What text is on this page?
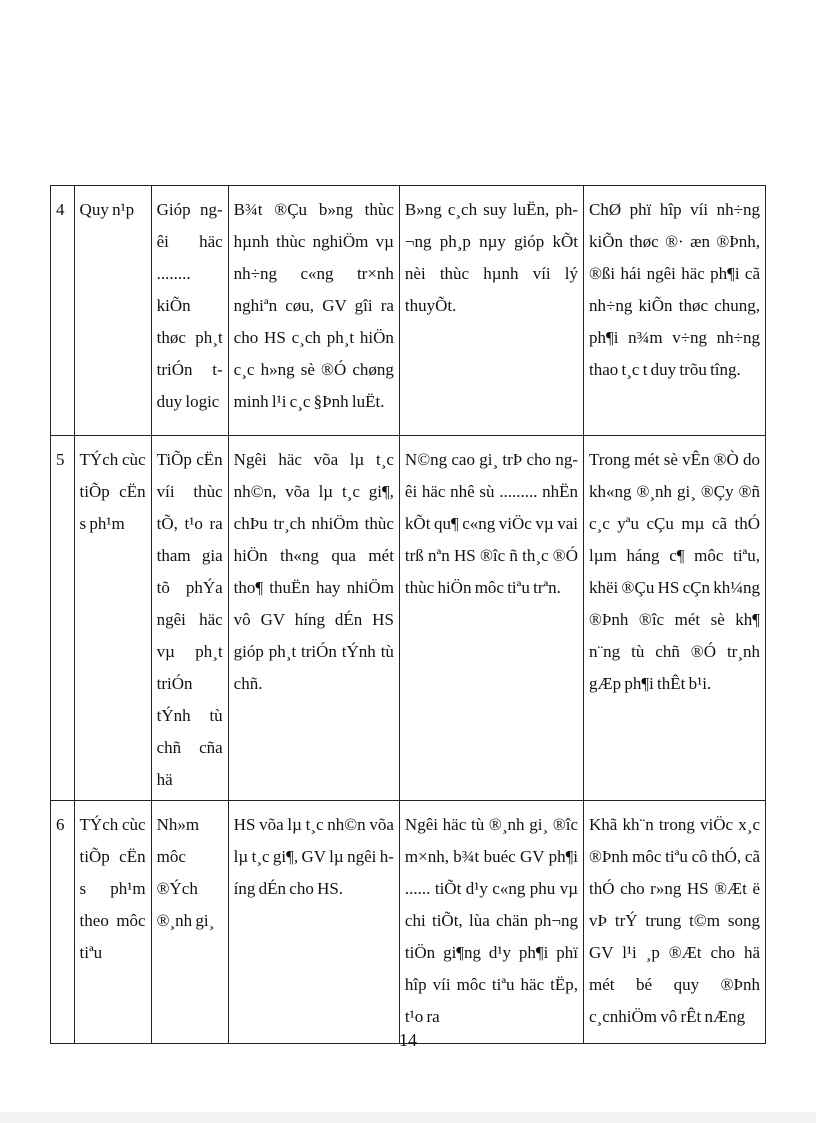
4	Quy n¹p	Gióp ngêi häc ........ kiÕn thøc ph¸t triÓn t duy logic	B¾t ®Çu b»ng thùc hµnh thùc nghiÖm vµ nh÷ng c«ng tr×nh nghiªn cøu, GV gîi ra cho HS c¸ch ph¸t hiÖn c¸c h»ng sè ®Ó chøng minh l¹i c¸c §Þnh luËt.	B»ng c¸ch suy luËn, ph¬ng ph¸p nµy gióp kÕt nèi thùc hµnh víi lý thuyÕt.	ChØ phï hîp víi nh÷ng kiÕn thøc ®· æn ®Þnh, ®ßi hái ngêi häc ph¶i cã nh÷ng kiÕn thøc chung, ph¶i n¾m v÷ng nh÷ng thao t¸c t duy trõu tîng.
5	TÝch cùc tiÕp cËn s ph¹m	TiÕp cËn víi thùc tÕ, t¹o ra tham gia tõ phÝa ngêi häc vµ ph¸t triÓn tÝnh tù chñ cña hä	Ngêi häc võa lµ t¸c nh©n, võa lµ t¸c gi¶, chÞu tr¸ch nhiÖm thùc hiÖn th«ng qua mét tho¶ thuËn hay nhiÖm vô GV híng dÉn HS gióp ph¸t triÓn tÝnh tù chñ.	N©ng cao gi¸ trÞ cho ngêi häc nhê sù ......... nhËn kÕt qu¶ c«ng viÖc vµ vai trß nªn HS ®îc ñ th¸c ®Ó thùc hiÖn môc tiªu trªn.	Trong mét sè vÊn ®Ò do kh«ng ®¸nh gi¸ ®Çy ®ñ c¸c yªu cÇu mµ cã thÓ lµm háng c¶ môc tiªu, khëi ®Çu HS cÇn kh¼ng ®Þnh ®îc mét sè kh¶ n¨ng tù chñ ®Ó tr¸nh gÆp ph¶i thÊt b¹i.
6	TÝch cùc tiÕp cËn s ph¹m theo môc tiªu	Nh»m môc ®Ých ®¸nh gi¸	HS võa lµ t¸c nh©n võa lµ t¸c gi¶, GV lµ ngêi híng dÉn cho HS.	Ngêi häc tù ®¸nh gi¸ ®îc m×nh, b¾t buéc GV ph¶i ...... tiÕt d¹y c«ng phu vµ chi tiÕt, lùa chän ph¬ng tiÖn gi¶ng d¹y ph¶i phï hîp víi môc tiªu häc tËp, t¹o ra	Khã kh¨n trong viÖc x¸c ®Þnh môc tiªu cô thÓ, cã thÓ cho r»ng HS ®Æt ë vÞ trÝ trung t©m song GV l¹i ¸p ®Æt cho hä mét bé quy ®Þnh c¸cnhiÖm vô rÊt nÆng
14
